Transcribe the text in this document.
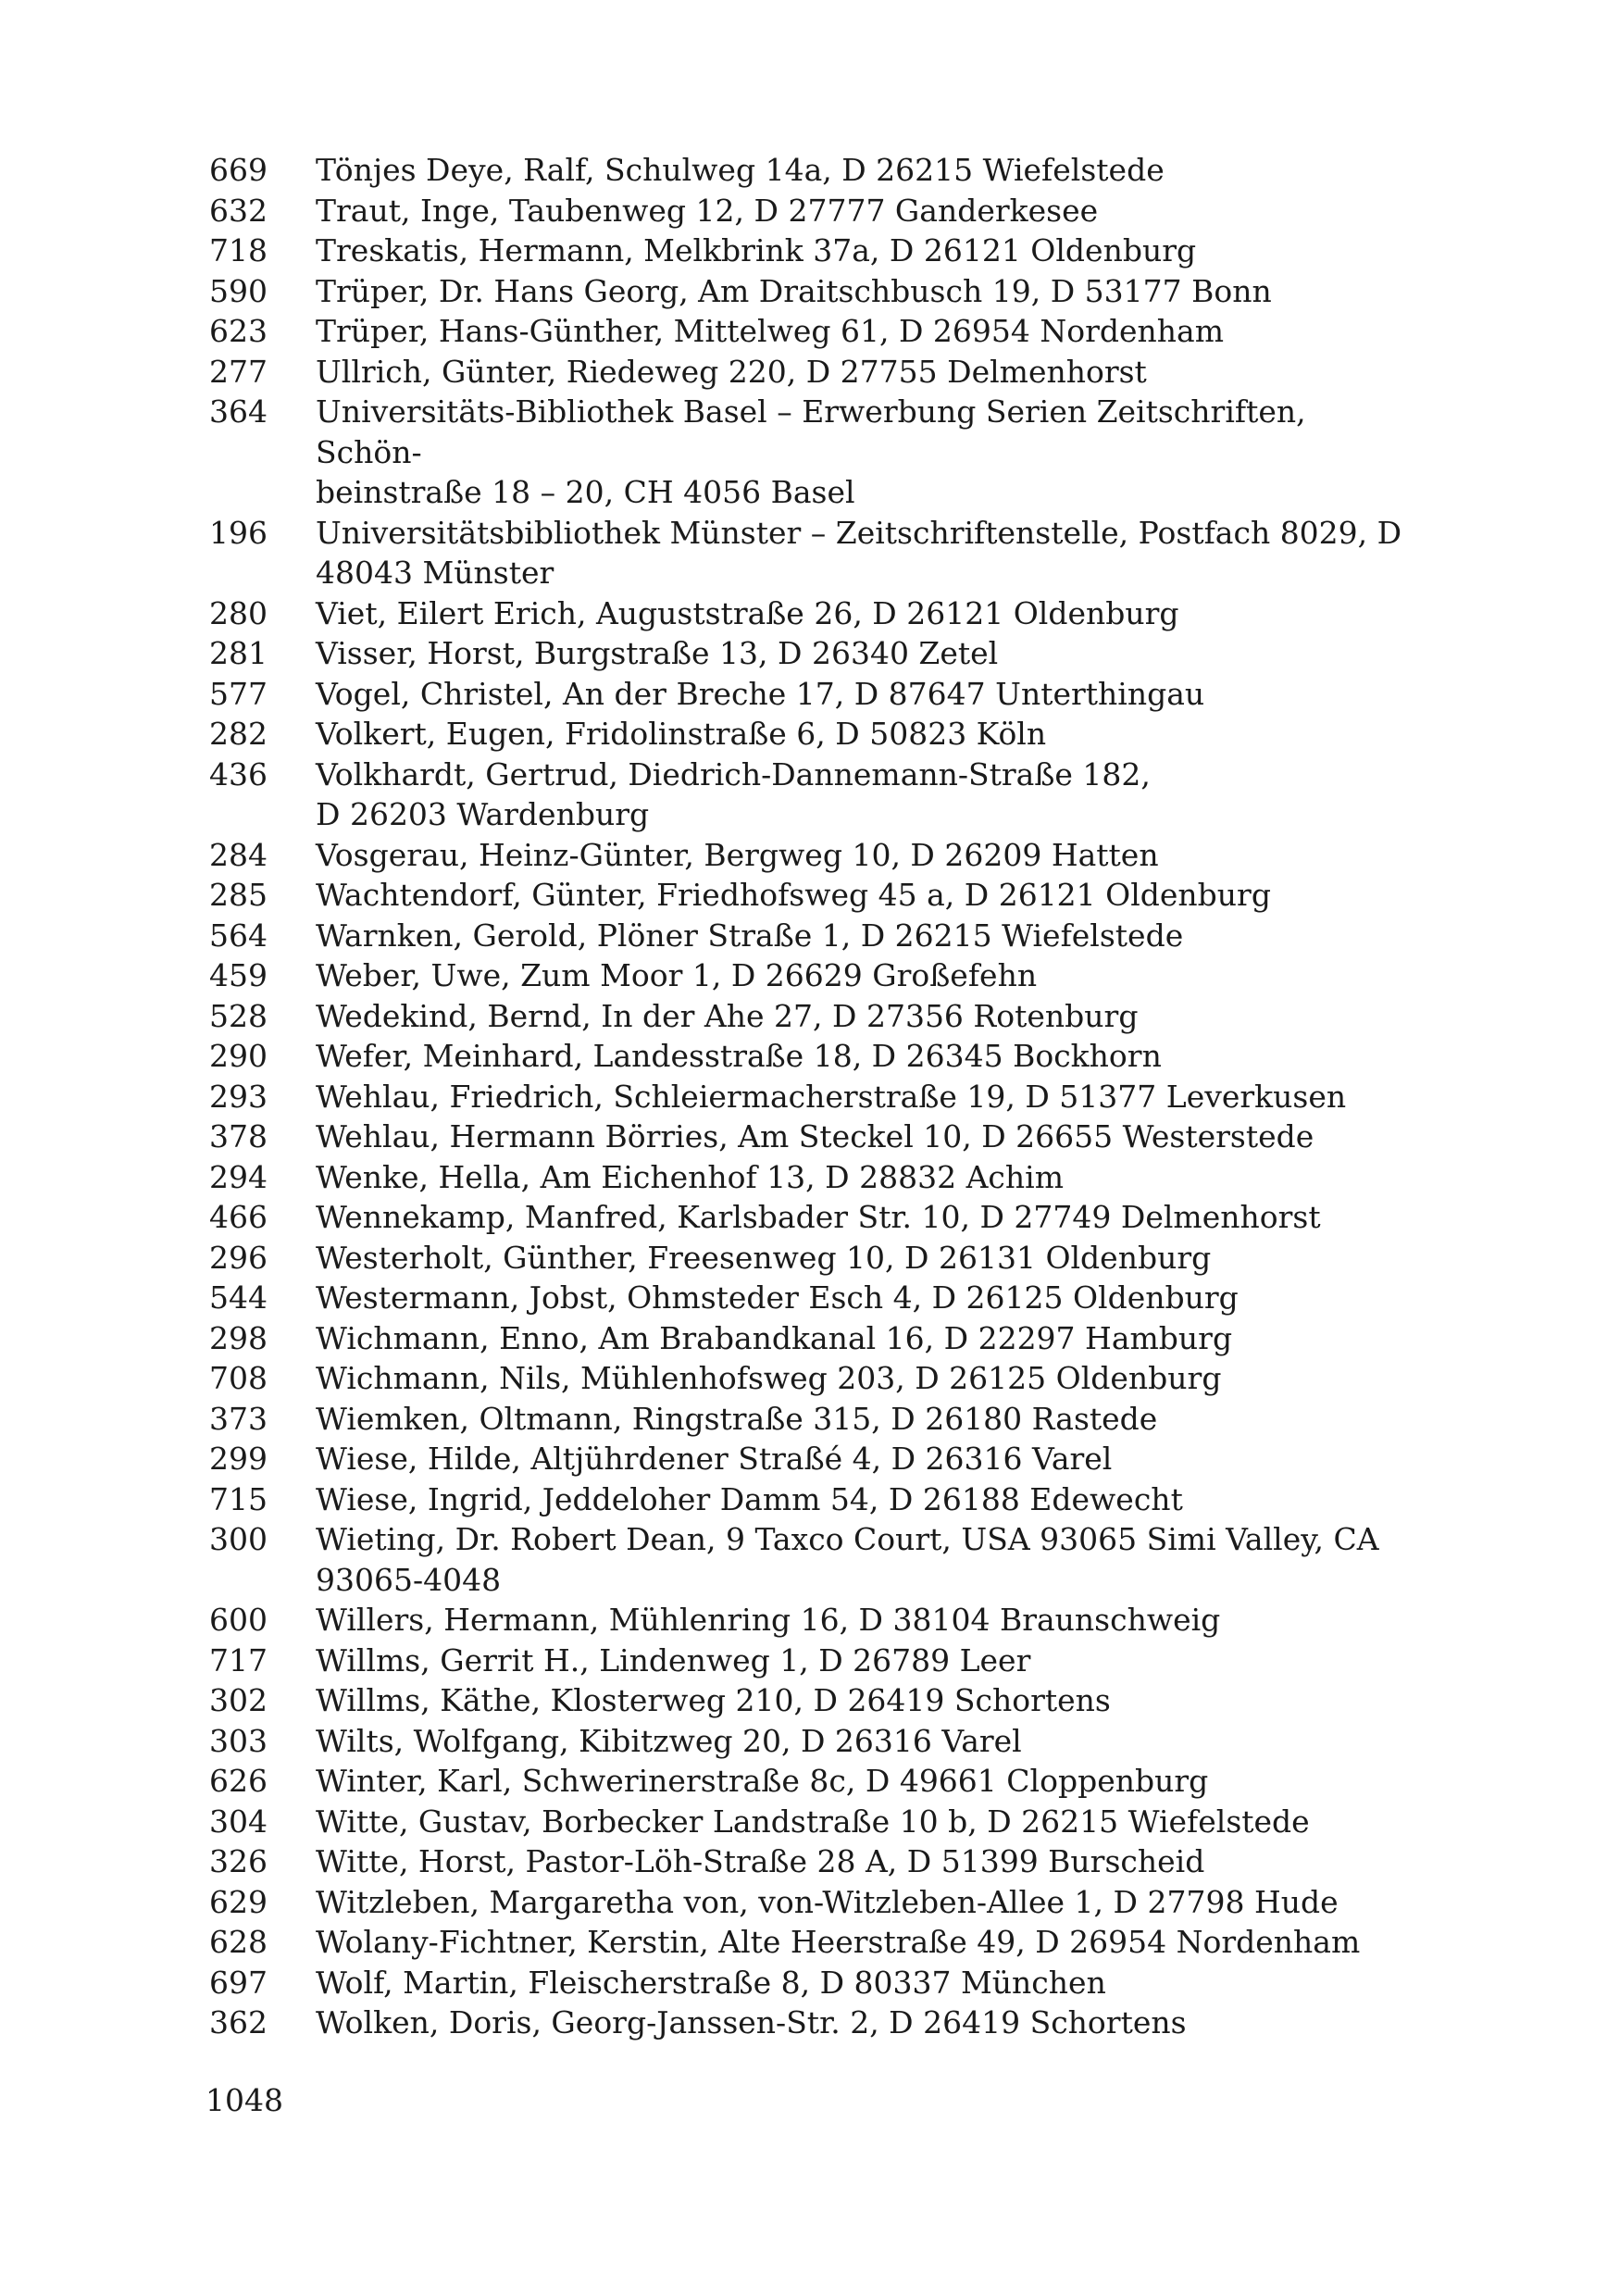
669	Tönjes Deye, Ralf, Schulweg 14a, D 26215 Wiefelstede
632	Traut, Inge, Taubenweg 12, D 27777 Ganderkesee
718	Treskatis, Hermann, Melkbrink 37a, D 26121 Oldenburg
590	Trüper, Dr. Hans Georg, Am Draitschbusch 19, D 53177 Bonn
623	Trüper, Hans-Günther, Mittelweg 61, D 26954 Nordenham
277	Ullrich, Günter, Riedeweg 220, D 27755 Delmenhorst
364	Universitäts-Bibliothek Basel – Erwerbung Serien Zeitschriften, Schön-
beinstraße 18 – 20, CH 4056 Basel
196	Universitätsbibliothek Münster – Zeitschriftenstelle, Postfach 8029, D
48043 Münster
280	Viet, Eilert Erich, Auguststraße 26, D 26121 Oldenburg
281	Visser, Horst, Burgstraße 13, D 26340 Zetel
577	Vogel, Christel, An der Breche 17, D 87647 Unterthingau
282	Volkert, Eugen, Fridolinstraße 6, D 50823 Köln
436	Volkhardt, Gertrud, Diedrich-Dannemann-Straße 182,
D 26203 Wardenburg
284	Vosgerau, Heinz-Günter, Bergweg 10, D 26209 Hatten
285	Wachtendorf, Günter, Friedhofsweg 45 a, D 26121 Oldenburg
564	Warnken, Gerold, Plöner Straße 1, D 26215 Wiefelstede
459	Weber, Uwe, Zum Moor 1, D 26629 Großefehn
528	Wedekind, Bernd, In der Ahe 27, D 27356 Rotenburg
290	Wefer, Meinhard, Landesstraße 18, D 26345 Bockhorn
293	Wehlau, Friedrich, Schleiermacherstraße 19, D 51377 Leverkusen
378	Wehlau, Hermann Börries, Am Steckel 10, D 26655 Westerstede
294	Wenke, Hella, Am Eichenhof 13, D 28832 Achim
466	Wennekamp, Manfred, Karlsbader Str. 10, D 27749 Delmenhorst
296	Westerholt, Günther, Freesenweg 10, D 26131 Oldenburg
544	Westermann, Jobst, Ohmsteder Esch 4, D 26125 Oldenburg
298	Wichmann, Enno, Am Brabandkanal 16, D 22297 Hamburg
708	Wichmann, Nils, Mühlenhofsweg 203, D 26125 Oldenburg
373	Wiemken, Oltmann, Ringstraße 315, D 26180 Rastede
299	Wiese, Hilde, Altjührdener Straßé 4, D 26316 Varel
715	Wiese, Ingrid, Jeddeloher Damm 54, D 26188 Edewecht
300	Wieting, Dr. Robert Dean, 9 Taxco Court, USA 93065 Simi Valley, CA
93065-4048
600	Willers, Hermann, Mühlenring 16, D 38104 Braunschweig
717	Willms, Gerrit H., Lindenweg 1, D 26789 Leer
302	Willms, Käthe, Klosterweg 210, D 26419 Schortens
303	Wilts, Wolfgang, Kibitzweg 20, D 26316 Varel
626	Winter, Karl, Schwerinerstraße 8c, D 49661 Cloppenburg
304	Witte, Gustav, Borbecker Landstraße 10 b, D 26215 Wiefelstede
326	Witte, Horst, Pastor-Löh-Straße 28 A, D 51399 Burscheid
629	Witzleben, Margaretha von, von-Witzleben-Allee 1, D 27798 Hude
628	Wolany-Fichtner, Kerstin, Alte Heerstraße 49, D 26954 Nordenham
697	Wolf, Martin, Fleischerstraße 8, D 80337 München
362	Wolken, Doris, Georg-Janssen-Str. 2, D 26419 Schortens
1048
